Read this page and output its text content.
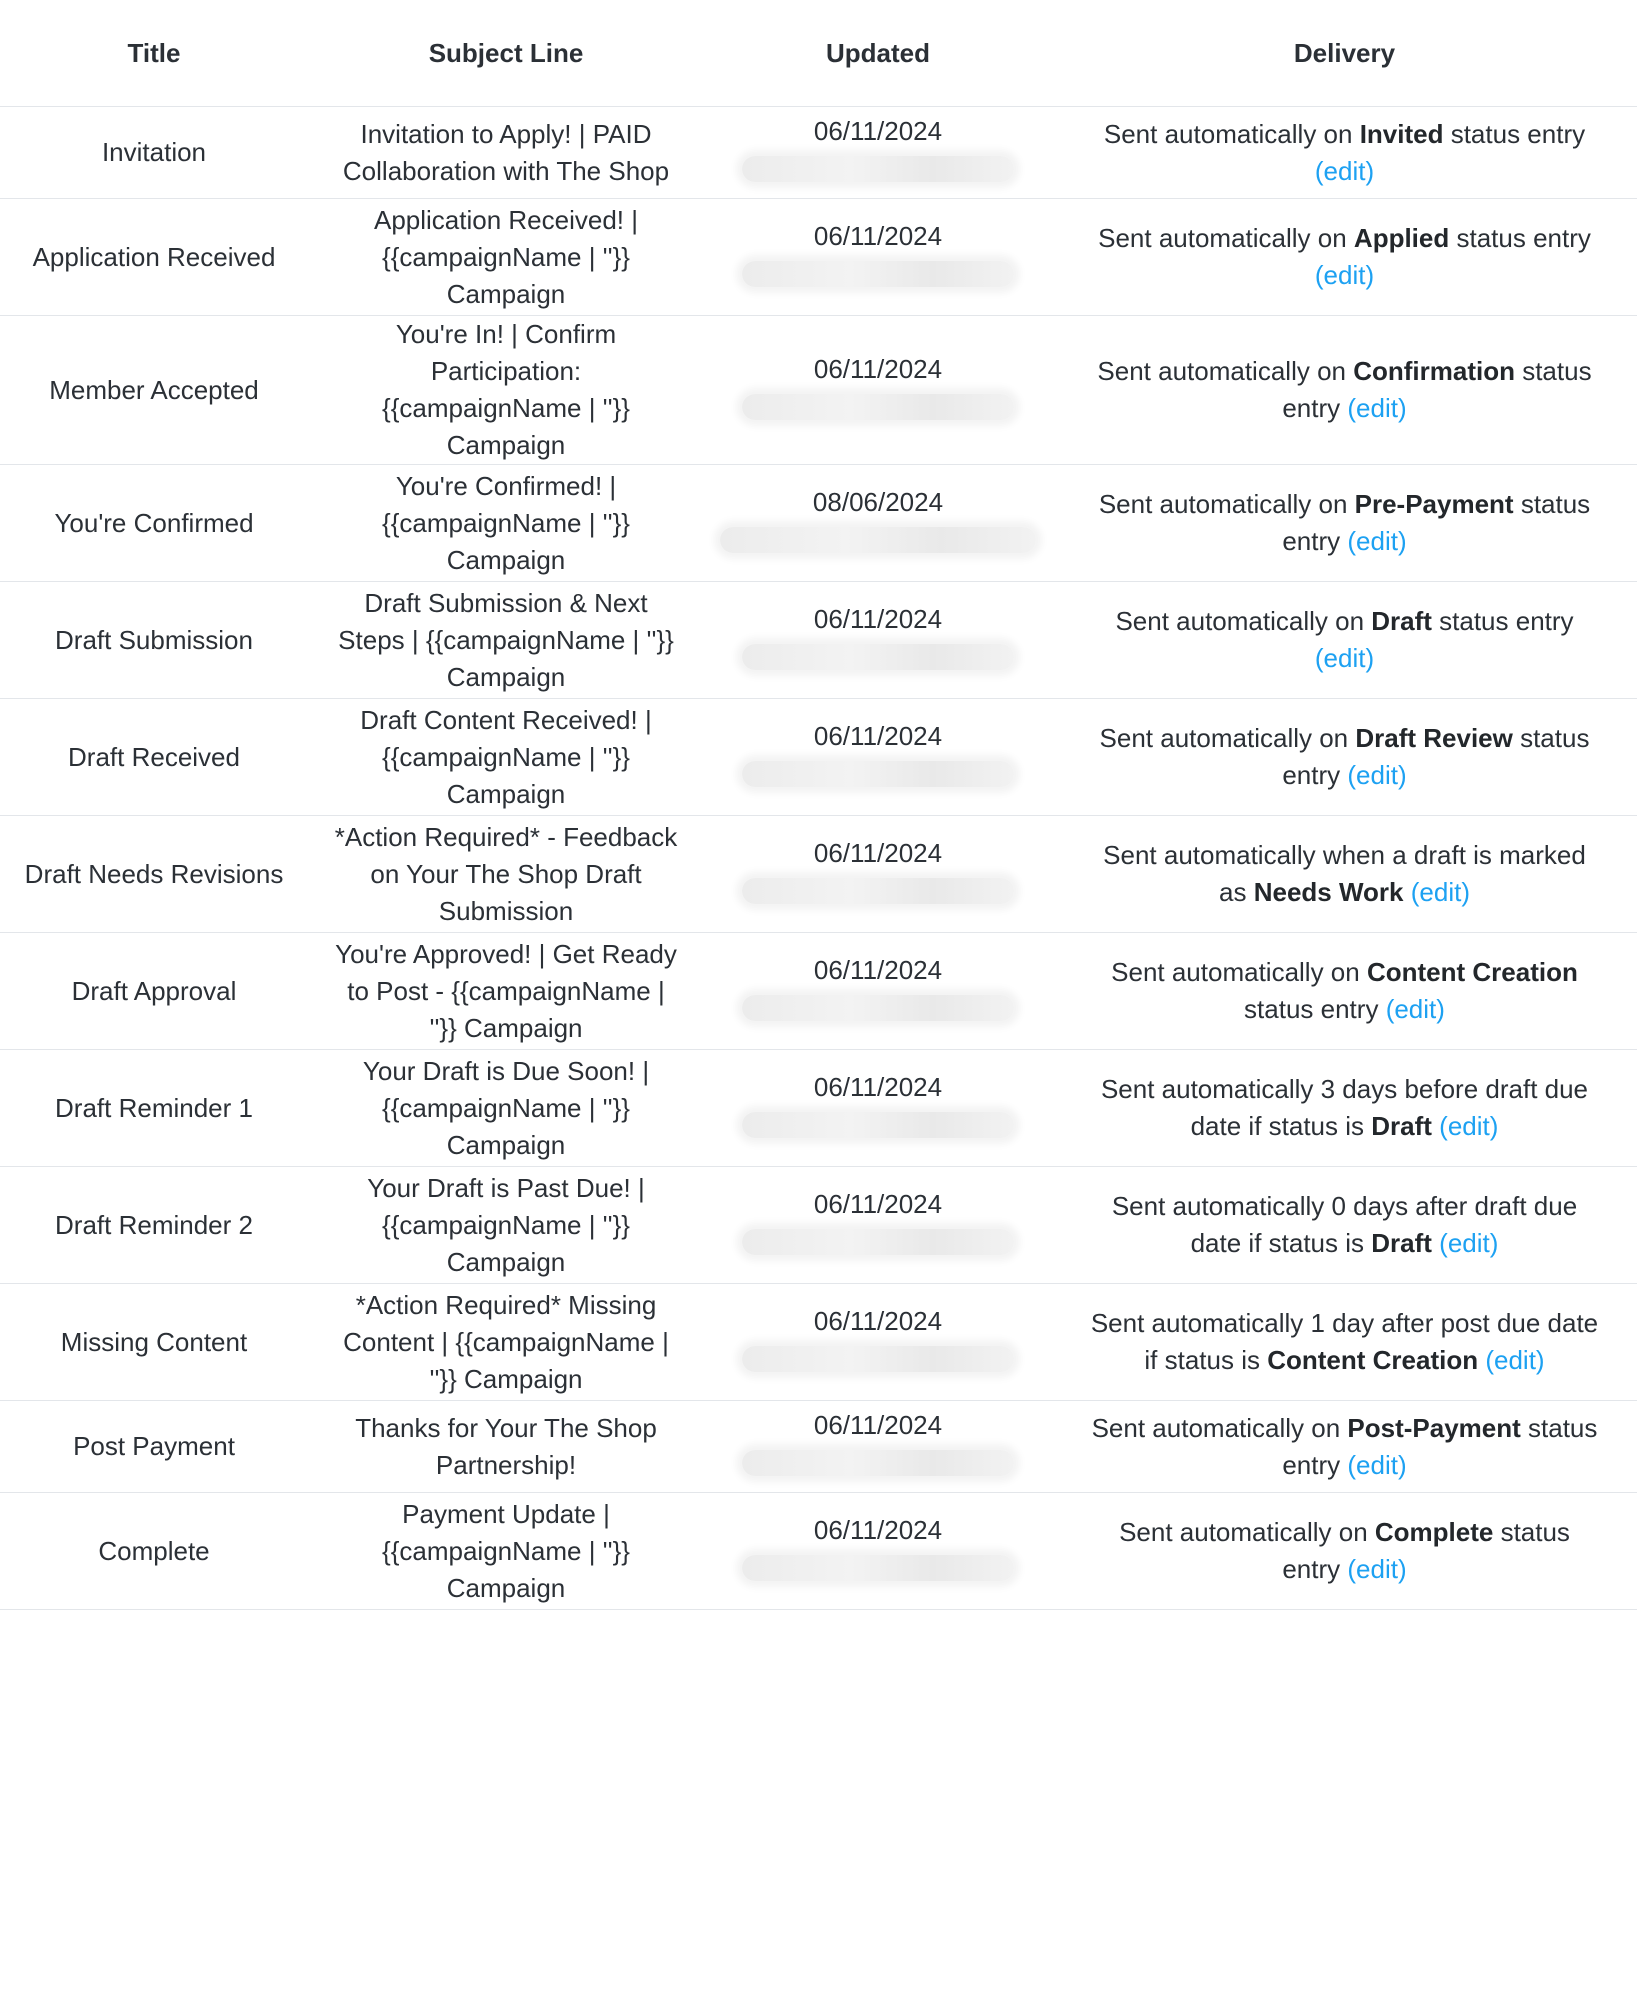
Title	Subject Line	Updated	Delivery
Invitation	Invitation to Apply! | PAID Collaboration with The Shop	06/11/2024	Sent automatically on Invited status entry (edit)
Application Received	Application Received! | {{campaignName | ''}} Campaign	06/11/2024	Sent automatically on Applied status entry (edit)
Member Accepted	You're In! | Confirm Participation: {{campaignName | ''}} Campaign	06/11/2024	Sent automatically on Confirmation status entry (edit)
You're Confirmed	You're Confirmed! | {{campaignName | ''}} Campaign	08/06/2024	Sent automatically on Pre-Payment status entry (edit)
Draft Submission	Draft Submission & Next Steps | {{campaignName | ''}} Campaign	06/11/2024	Sent automatically on Draft status entry (edit)
Draft Received	Draft Content Received! | {{campaignName | ''}} Campaign	06/11/2024	Sent automatically on Draft Review status entry (edit)
Draft Needs Revisions	*Action Required* - Feedback on Your The Shop Draft Submission	06/11/2024	Sent automatically when a draft is marked as Needs Work (edit)
Draft Approval	You're Approved! | Get Ready to Post - {{campaignName | ''}} Campaign	06/11/2024	Sent automatically on Content Creation status entry (edit)
Draft Reminder 1	Your Draft is Due Soon! | {{campaignName | ''}} Campaign	06/11/2024	Sent automatically 3 days before draft due date if status is Draft (edit)
Draft Reminder 2	Your Draft is Past Due! | {{campaignName | ''}} Campaign	06/11/2024	Sent automatically 0 days after draft due date if status is Draft (edit)
Missing Content	*Action Required* Missing Content | {{campaignName | ''}} Campaign	06/11/2024	Sent automatically 1 day after post due date if status is Content Creation (edit)
Post Payment	Thanks for Your The Shop Partnership!	06/11/2024	Sent automatically on Post-Payment status entry (edit)
Complete	Payment Update | {{campaignName | ''}} Campaign	06/11/2024	Sent automatically on Complete status entry (edit)
